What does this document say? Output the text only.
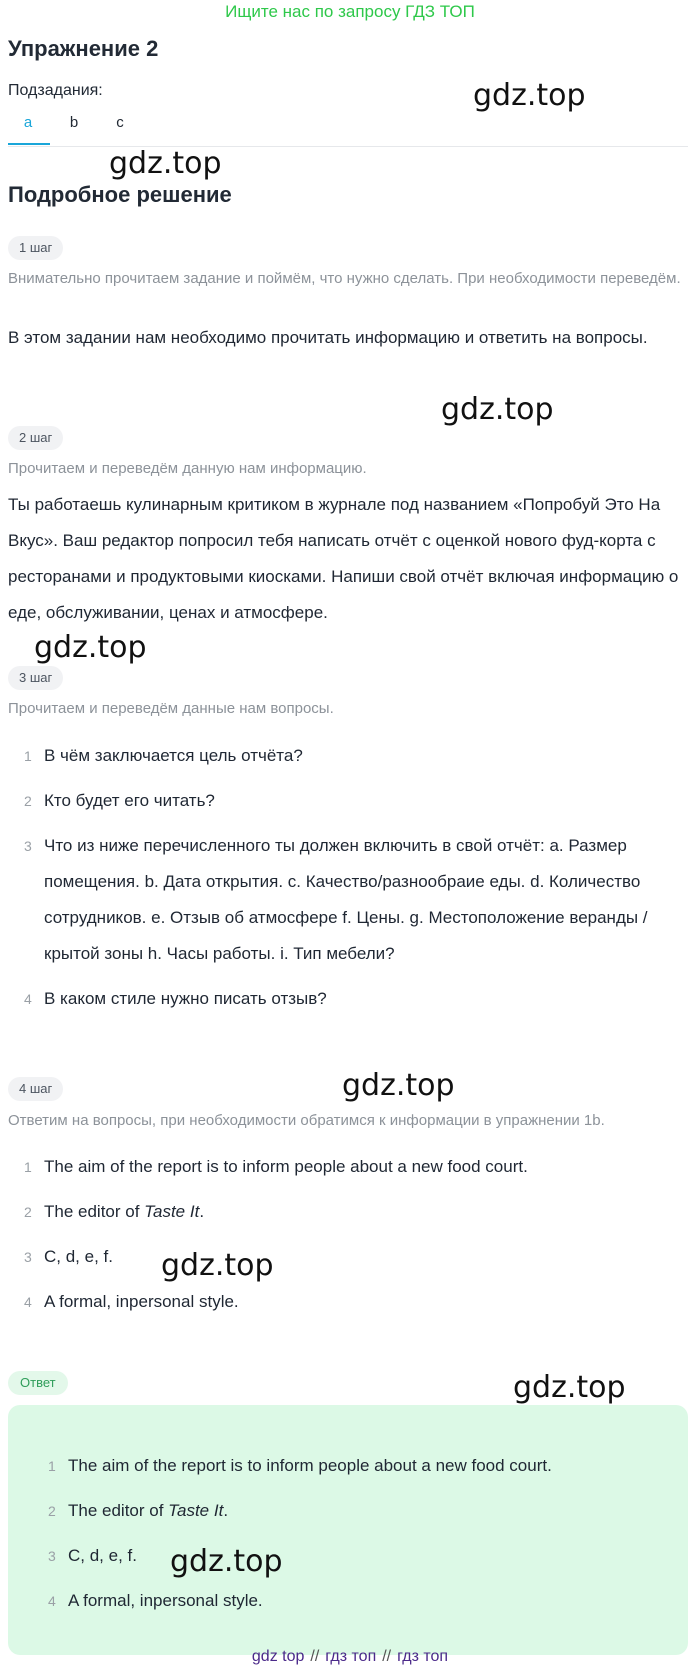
Ищите нас по запросу ГДЗ ТОП
Упражнение 2
Подзадания:
a	b	c
gdz.top
gdz.top
Подробное решение
1 шаг
Внимательно прочитаем задание и поймём, что нужно сделать. При необходимости переведём.
В этом задании нам необходимо прочитать информацию и ответить на вопросы.
gdz.top
2 шаг
Прочитаем и переведём данную нам информацию.
Ты работаешь кулинарным критиком в журнале под названием «Попробуй Это На Вкус». Ваш редактор попросил тебя написать отчёт с оценкой нового фуд-корта с ресторанами и продуктовыми киосками. Напиши свой отчёт включая информацию о еде, обслуживании, ценах и атмосфере.
gdz.top
3 шаг
Прочитаем и переведём данные нам вопросы.
1 В чём заключается цель отчёта?
2 Кто будет его читать?
3 Что из ниже перечисленного ты должен включить в свой отчёт: a. Размер помещения. b. Дата открытия. c. Качество/разнообраие еды. d. Количество сотрудников. e. Отзыв об атмосфере f. Цены. g. Местоположение веранды / крытой зоны h. Часы работы. i. Тип мебели?
4 В каком стиле нужно писать отзыв?
gdz.top
4 шаг
Ответим на вопросы, при необходимости обратимся к информации в упражнении 1b.
1 The aim of the report is to inform people about a new food court.
2 The editor of Taste It.
3 C, d, e, f.
4 A formal, inpersonal style.
gdz.top
Ответ	gdz.top
1 The aim of the report is to inform people about a new food court.
2 The editor of Taste It.
3 C, d, e, f.
4 A formal, inpersonal style.
gdz.top
gdz top // гдз топ // гдз топ
